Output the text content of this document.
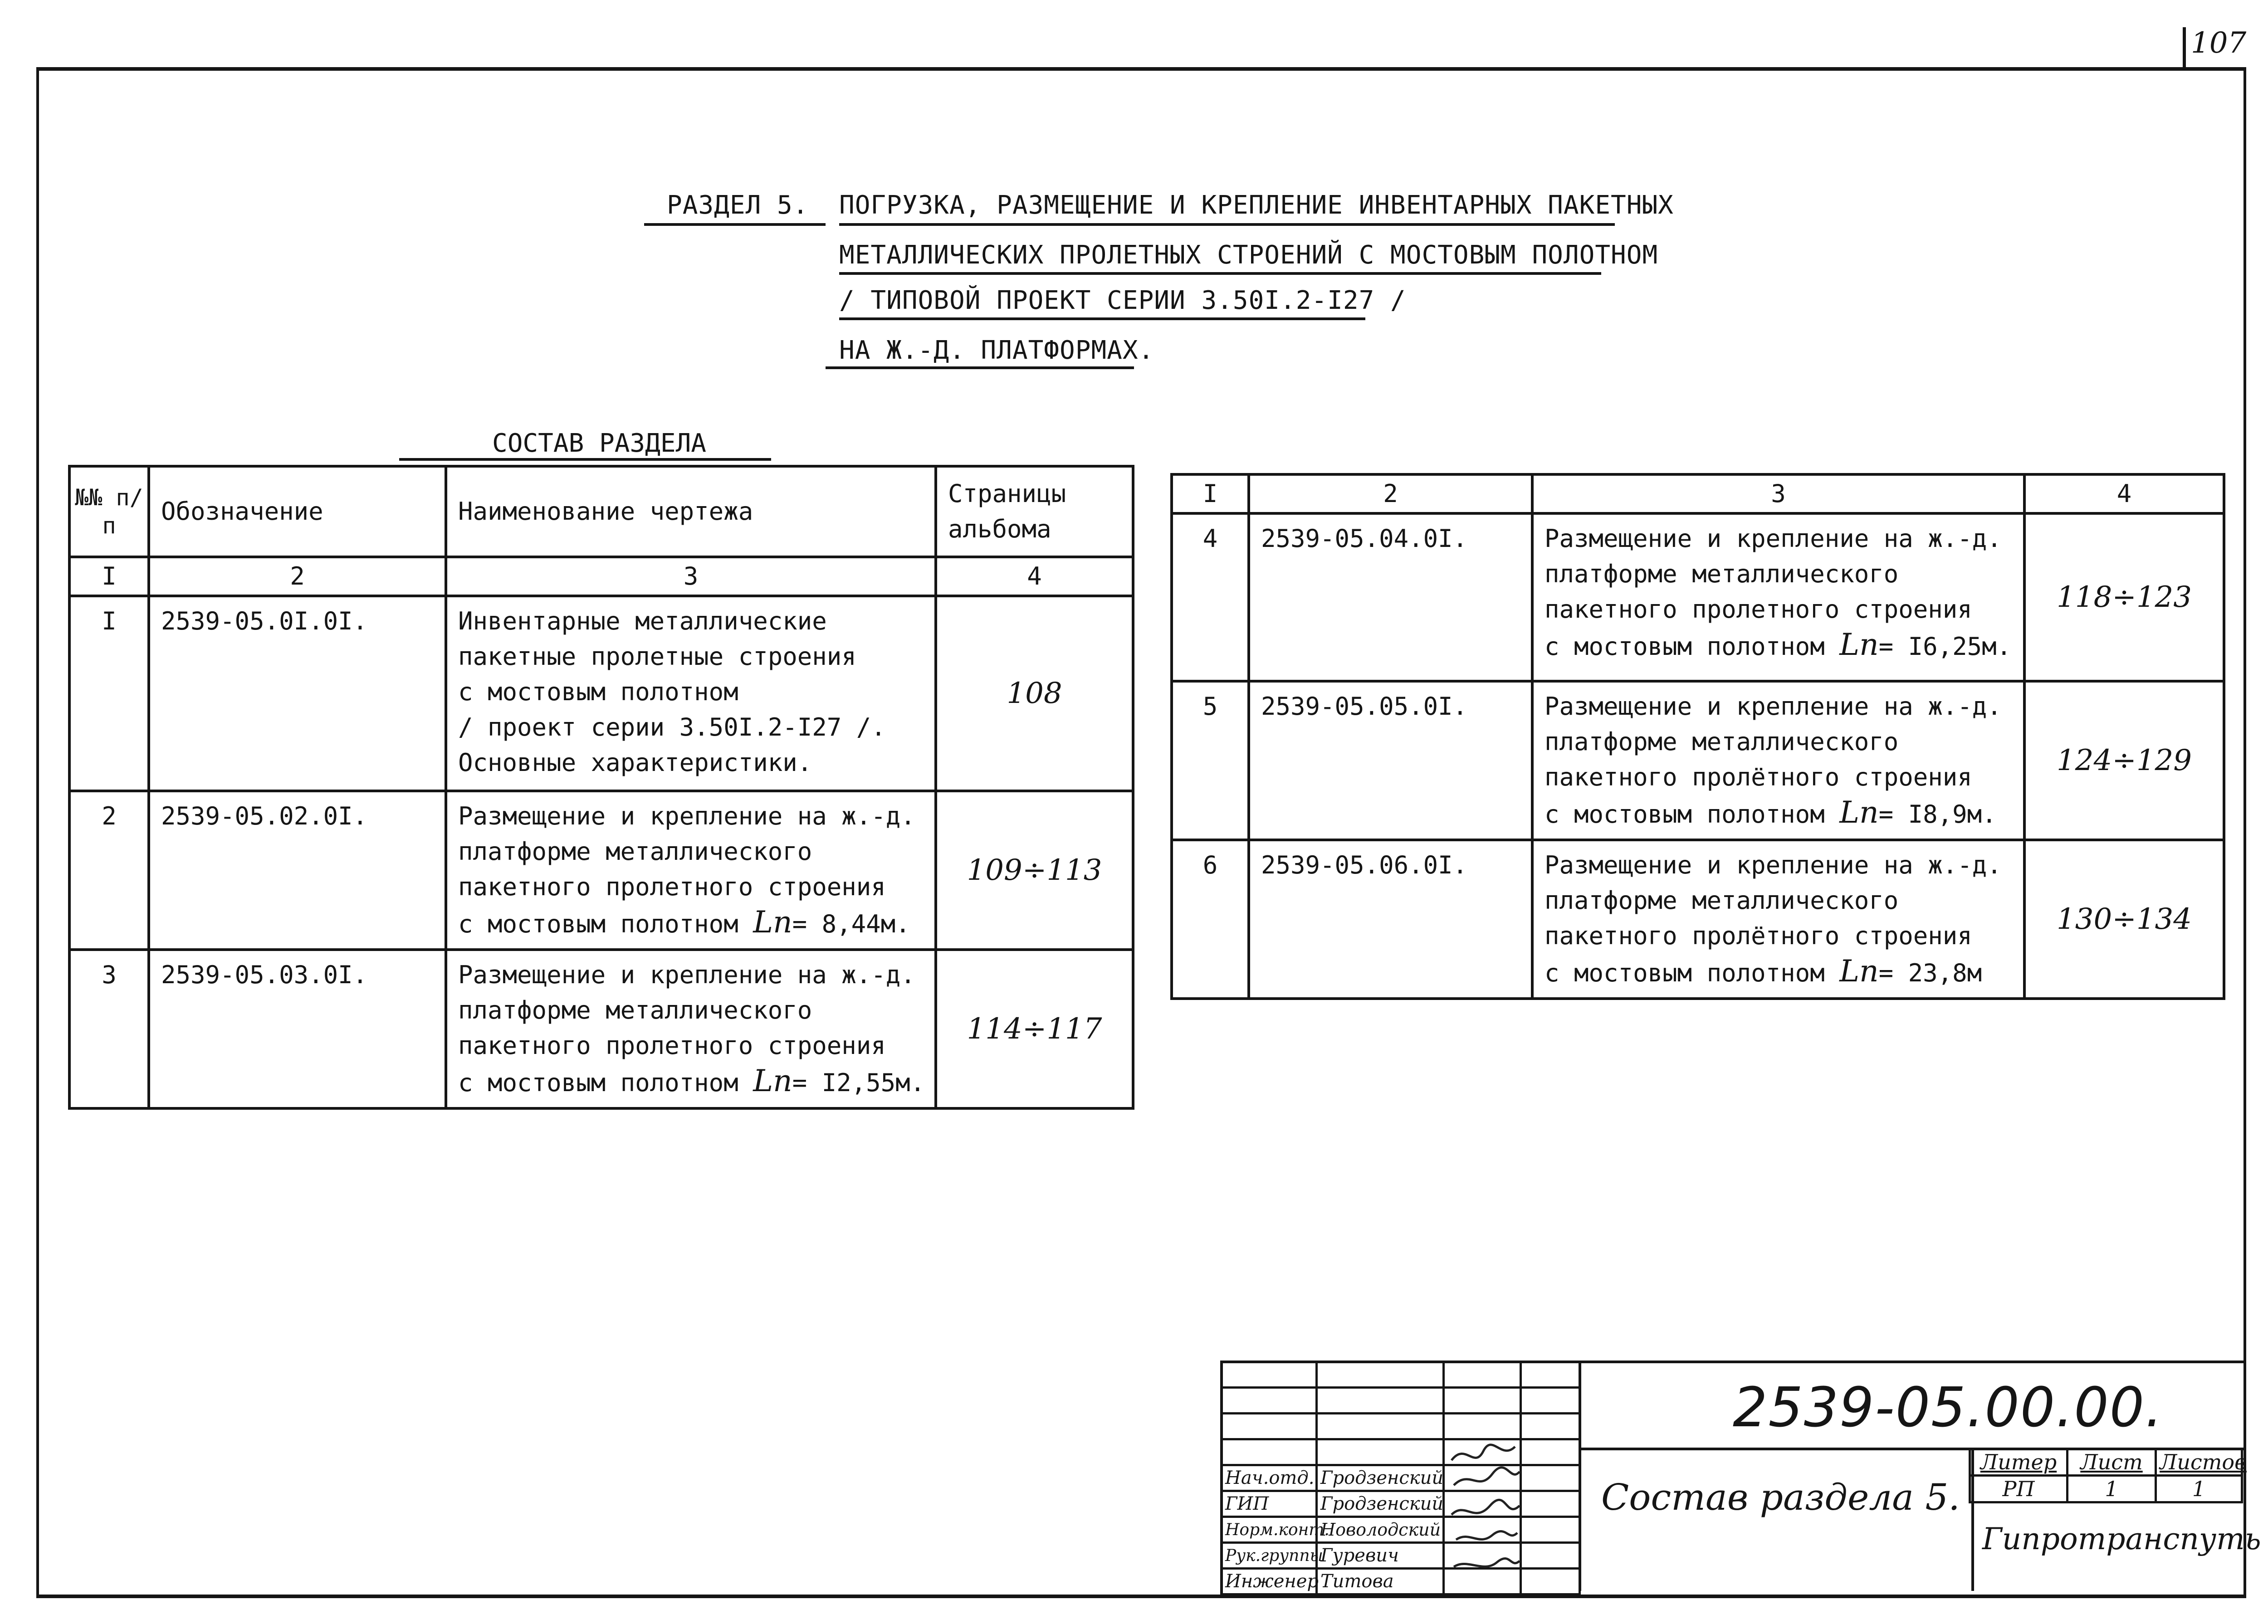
107
РАЗДЕЛ 5. ПОГРУЗКА, РАЗМЕЩЕНИЕ И КРЕПЛЕНИЕ ИНВЕНТАРНЫХ ПАКЕТНЫХ
МЕТАЛЛИЧЕСКИХ ПРОЛЕТНЫХ СТРОЕНИЙ С МОСТОВЫМ ПОЛОТНОМ
/ ТИПОВОЙ ПРОЕКТ СЕРИИ 3.50I.2-I27 /
НА Ж.-Д. ПЛАТФОРМАХ.
СОСТАВ РАЗДЕЛА
№№ п/п	Обозначение	Наименование чертежа	Страницы альбома
I	2	3	4
I	2539-05.0I.0I.	Инвентарные металлические
пакетные пролетные строения
с мостовым полотном
/ проект серии 3.50I.2-I27 /.
Основные характеристики.	108
2	2539-05.02.0I.	Размещение и крепление на ж.-д.
платформе металлического
пакетного пролетного строения
с мостовым полотном Lп= 8,44м.	109÷113
3	2539-05.03.0I.	Размещение и крепление на ж.-д.
платформе металлического
пакетного пролетного строения
с мостовым полотном Lп= I2,55м.	114÷117
I	2	3	4
4	2539-05.04.0I.	Размещение и крепление на ж.-д.
платформе металлического
пакетного пролетного строения
с мостовым полотном Lп= I6,25м.	118÷123
5	2539-05.05.0I.	Размещение и крепление на ж.-д.
платформе металлического
пакетного пролётного строения
с мостовым полотном Lп= I8,9м.	124÷129
6	2539-05.06.0I.	Размещение и крепление на ж.-д.
платформе металлического
пакетного пролётного строения
с мостовым полотном Lп= 23,8м	130÷134

Нач.отд.	Гродзенский		
ГИП	Гродзенский		
Норм.конт.	Новолодский		
Рук.группы	Гуревич		
Инженер	Титова		
2539-05.00.00.
Состав раздела 5.
Литер	Лист	Листов
РП	1	1
Гипротранспуть
